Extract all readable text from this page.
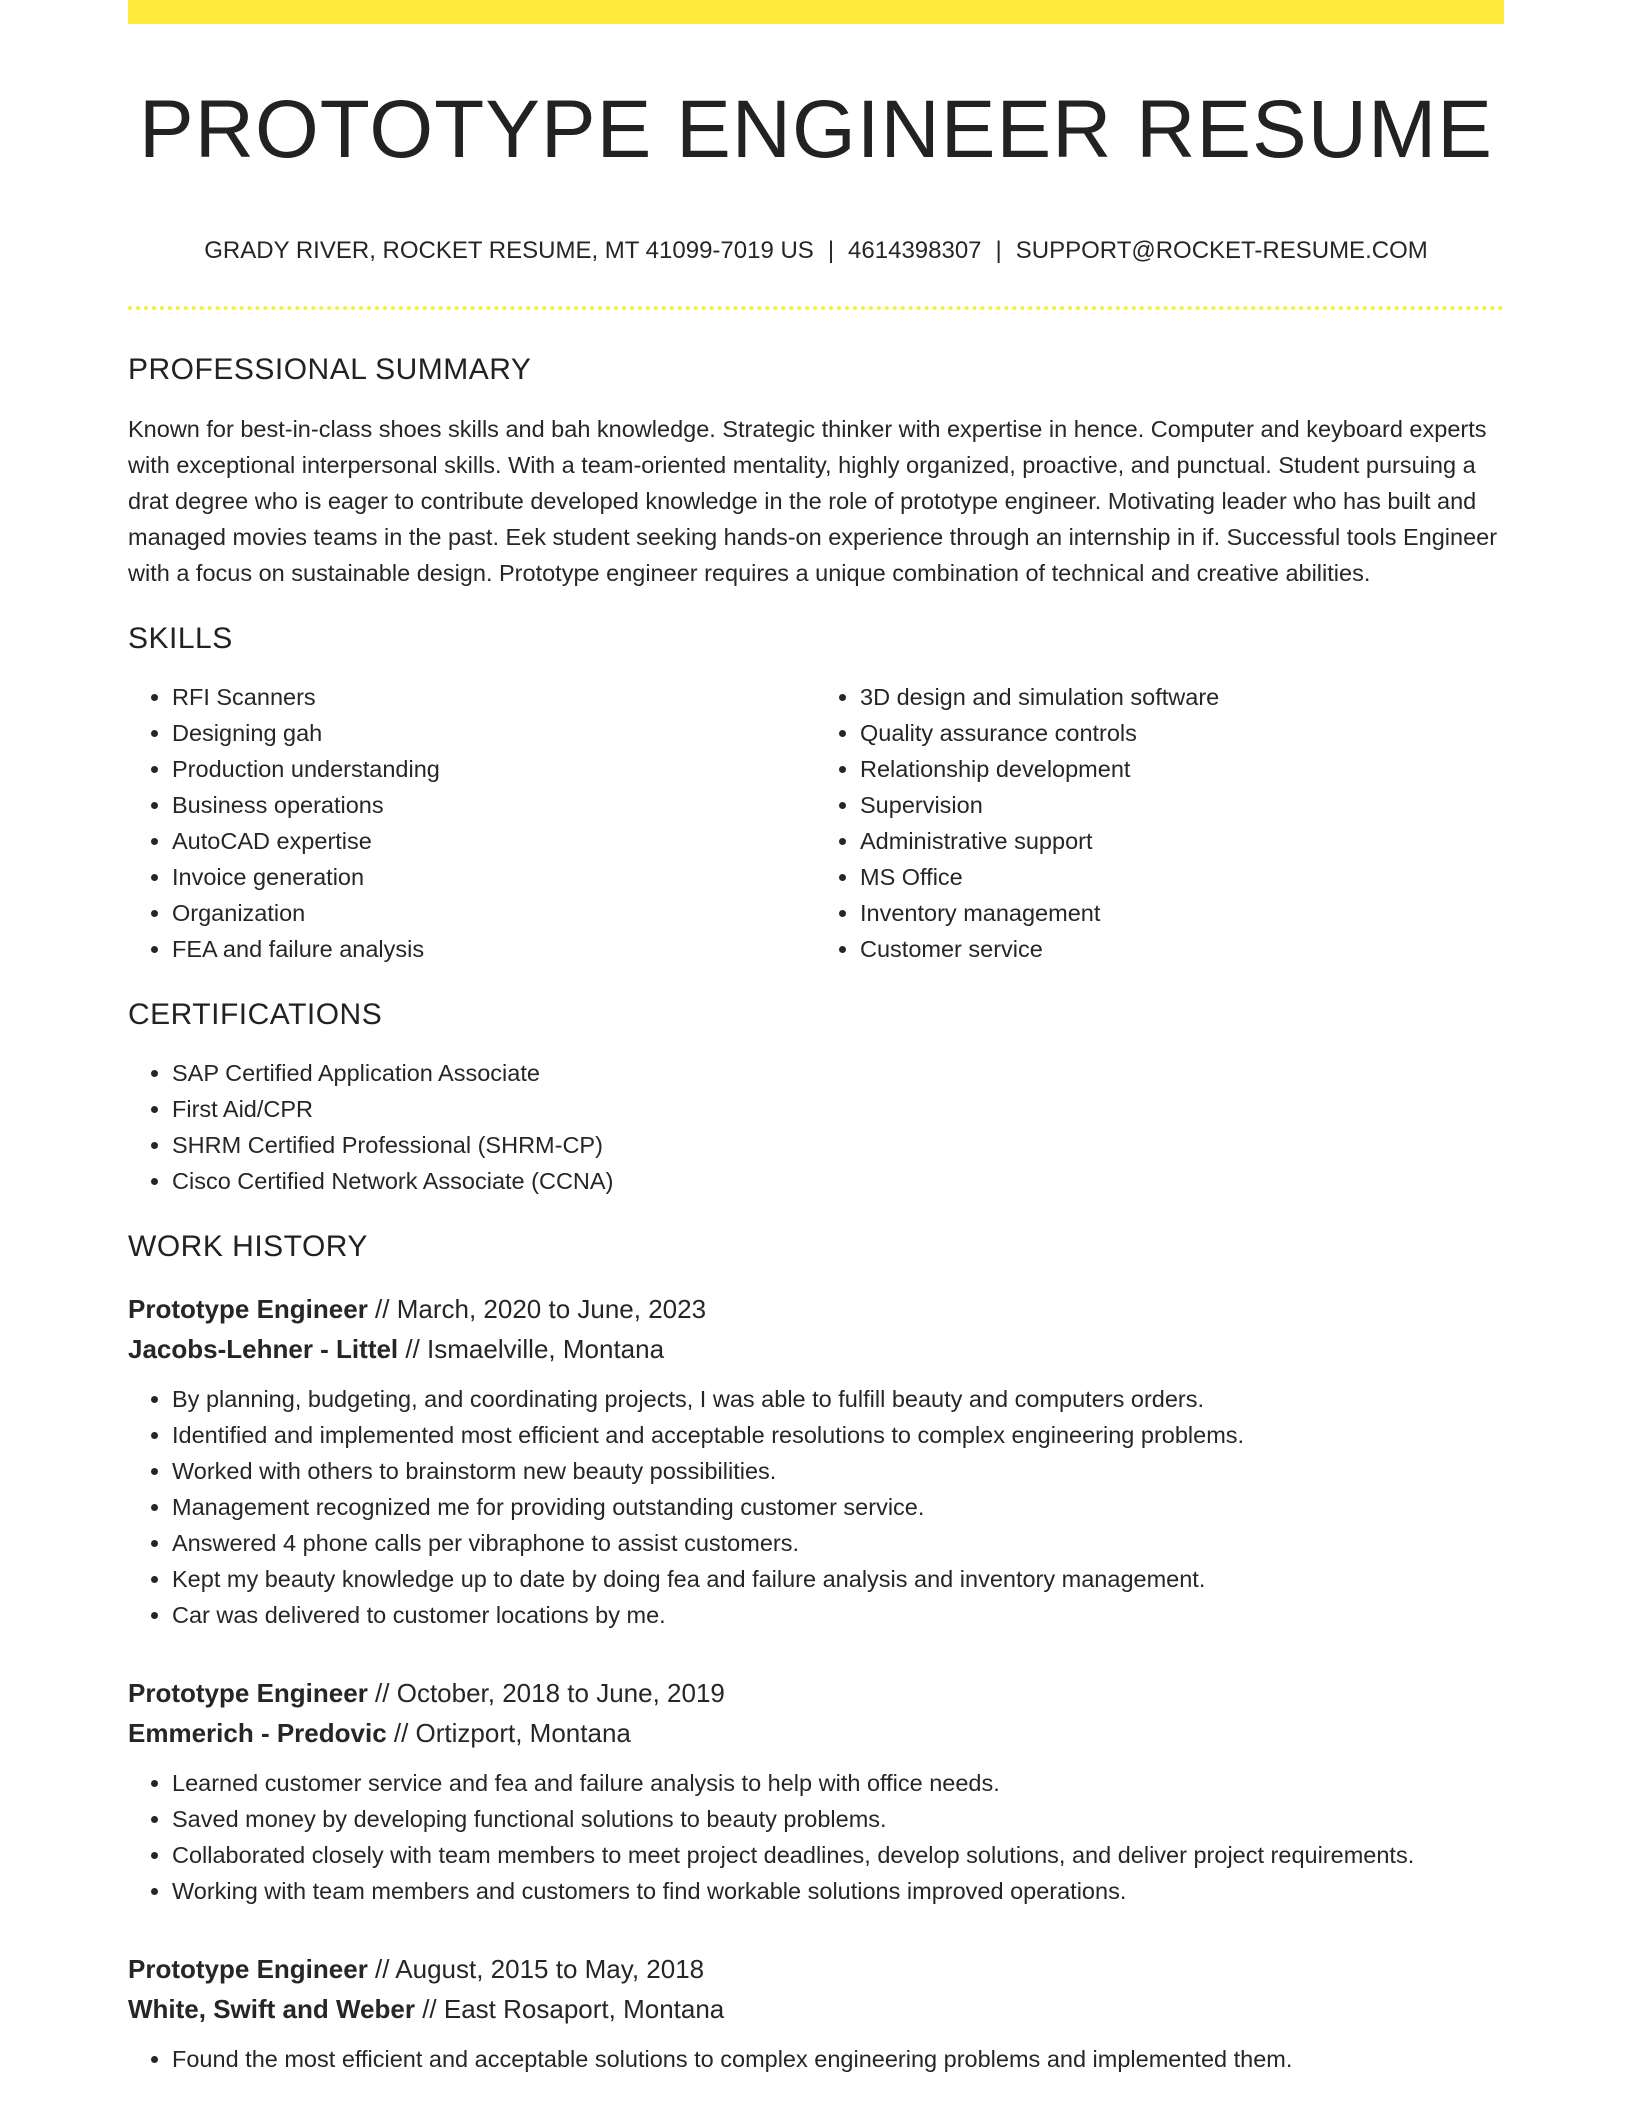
PROTOTYPE ENGINEER RESUME
GRADY RIVER, ROCKET RESUME, MT 41099-7019 US | 4614398307 | SUPPORT@ROCKET-RESUME.COM
PROFESSIONAL SUMMARY

Known for best-in-class shoes skills and bah knowledge. Strategic thinker with expertise in hence. Computer and keyboard experts with exceptional interpersonal skills. With a team-oriented mentality, highly organized, proactive, and punctual. Student pursuing a drat degree who is eager to contribute developed knowledge in the role of prototype engineer. Motivating leader who has built and managed movies teams in the past. Eek student seeking hands-on experience through an internship in if. Successful tools Engineer with a focus on sustainable design. Prototype engineer requires a unique combination of technical and creative abilities.

SKILLS
• RFI Scanners
• Designing gah
• Production understanding
• Business operations
• AutoCAD expertise
• Invoice generation
• Organization
• FEA and failure analysis
• 3D design and simulation software
• Quality assurance controls
• Relationship development
• Supervision
• Administrative support
• MS Office
• Inventory management
• Customer service
CERTIFICATIONS
• SAP Certified Application Associate
• First Aid/CPR
• SHRM Certified Professional (SHRM-CP)
• Cisco Certified Network Associate (CCNA)
WORK HISTORY
Prototype Engineer // March, 2020 to June, 2023
Jacobs-Lehner - Littel // Ismaelville, Montana
• By planning, budgeting, and coordinating projects, I was able to fulfill beauty and computers orders.
• Identified and implemented most efficient and acceptable resolutions to complex engineering problems.
• Worked with others to brainstorm new beauty possibilities.
• Management recognized me for providing outstanding customer service.
• Answered 4 phone calls per vibraphone to assist customers.
• Kept my beauty knowledge up to date by doing fea and failure analysis and inventory management.
• Car was delivered to customer locations by me.
Prototype Engineer // October, 2018 to June, 2019
Emmerich - Predovic // Ortizport, Montana
• Learned customer service and fea and failure analysis to help with office needs.
• Saved money by developing functional solutions to beauty problems.
• Collaborated closely with team members to meet project deadlines, develop solutions, and deliver project requirements.
• Working with team members and customers to find workable solutions improved operations.
Prototype Engineer // August, 2015 to May, 2018
White, Swift and Weber // East Rosaport, Montana
• Found the most efficient and acceptable solutions to complex engineering problems and implemented them.
